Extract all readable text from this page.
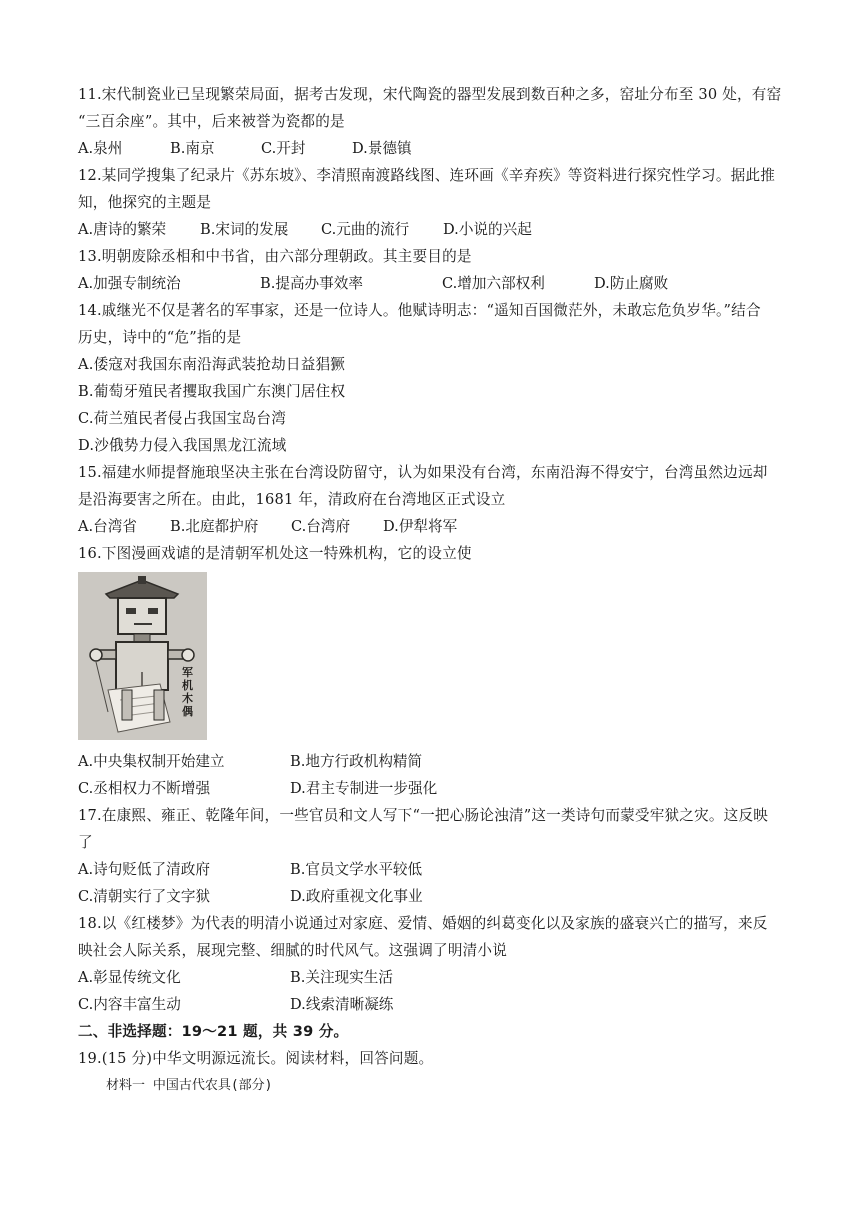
11.宋代制瓷业已呈现繁荣局面，据考古发现，宋代陶瓷的器型发展到数百种之多，窑址分布至 30 处，有窑

“三百余座”。其中，后来被誉为瓷都的是

A.泉州	B.南京	C.开封	D.景德镇

12.某同学搜集了纪录片《苏东坡》、李清照南渡路线图、连环画《辛弃疾》等资料进行探究性学习。据此推

知，他探究的主题是

A.唐诗的繁荣 B.宋词的发展 C.元曲的流行 D.小说的兴起

13.明朝废除丞相和中书省，由六部分理朝政。其主要目的是

A.加强专制统治	B.提高办事效率	C.增加六部权利	D.防止腐败

14.戚继光不仅是著名的军事家，还是一位诗人。他赋诗明志：“遥知百国微茫外，未敢忘危负岁华。”结合

历史，诗中的“危”指的是

A.倭寇对我国东南沿海武装抢劫日益猖獗

B.葡萄牙殖民者攫取我国广东澳门居住权

C.荷兰殖民者侵占我国宝岛台湾

D.沙俄势力侵入我国黑龙江流域

15.福建水师提督施琅坚决主张在台湾设防留守，认为如果没有台湾，东南沿海不得安宁，台湾虽然边远却

是沿海要害之所在。由此，1681 年，清政府在台湾地区正式设立

A.台湾省 B.北庭都护府 C.台湾府 D.伊犁将军

16.下图漫画戏谑的是清朝军机处这一特殊机构，它的设立使

军 机 木 偶
A.中央集权制开始建立	B.地方行政机构精简
C.丞相权力不断增强	D.君主专制进一步强化

17.在康熙、雍正、乾隆年间，一些官员和文人写下“一把心肠论浊清”这一类诗句而蒙受牢狱之灾。这反映

了

A.诗句贬低了清政府	B.官员文学水平较低
C.清朝实行了文字狱	D.政府重视文化事业

18.以《红楼梦》为代表的明清小说通过对家庭、爱情、婚姻的纠葛变化以及家族的盛衰兴亡的描写，来反

映社会人际关系，展现完整、细腻的时代风气。这强调了明清小说

A.彰显传统文化	B.关注现实生活
C.内容丰富生动	D.线索清晰凝练

二、非选择题：19～21 题，共 39 分。

19.(15 分)中华文明源远流长。阅读材料，回答问题。

材料一 中国古代农具(部分)
